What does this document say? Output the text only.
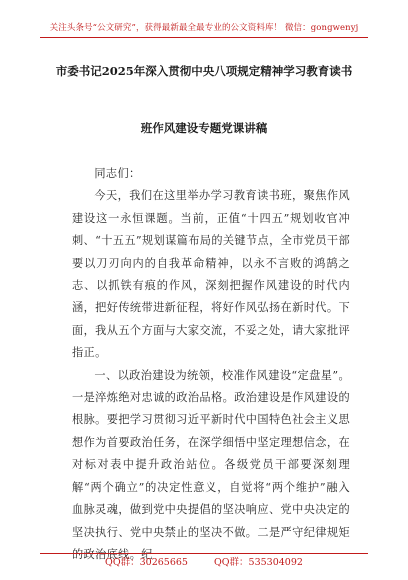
关注头条号“公文研究”，获得最新最全最专业的公文资料库！ 微信：gongwenyj
市委书记2025年深入贯彻中央八项规定精神学习教育读书
班作风建设专题党课讲稿

同志们：

今天，我们在这里举办学习教育读书班，聚焦作风建设这一永恒课题。当前，正值“十四五”规划收官冲刺、“十五五”规划谋篇布局的关键节点，全市党员干部要以刀刃向内的自我革命精神，以永不言败的鸿鹄之志、以抓铁有痕的作风，深刻把握作风建设的时代内涵，把好传统带进新征程，将好作风弘扬在新时代。下面，我从五个方面与大家交流，不妥之处，请大家批评指正。

一、以政治建设为统领，校准作风建设“定盘星”。一是淬炼绝对忠诚的政治品格。政治建设是作风建设的根脉。要把学习贯彻习近平新时代中国特色社会主义思想作为首要政治任务，在深学细悟中坚定理想信念，在对标对表中提升政治站位。各级党员干部要深刻理解“两个确立”的决定性意义，自觉将“两个维护”融入血脉灵魂，做到党中央提倡的坚决响应、党中央决定的坚决执行、党中央禁止的坚决不做。二是严守纪律规矩的政治底线。纪

QQ群：30265665	QQ群：535304092
